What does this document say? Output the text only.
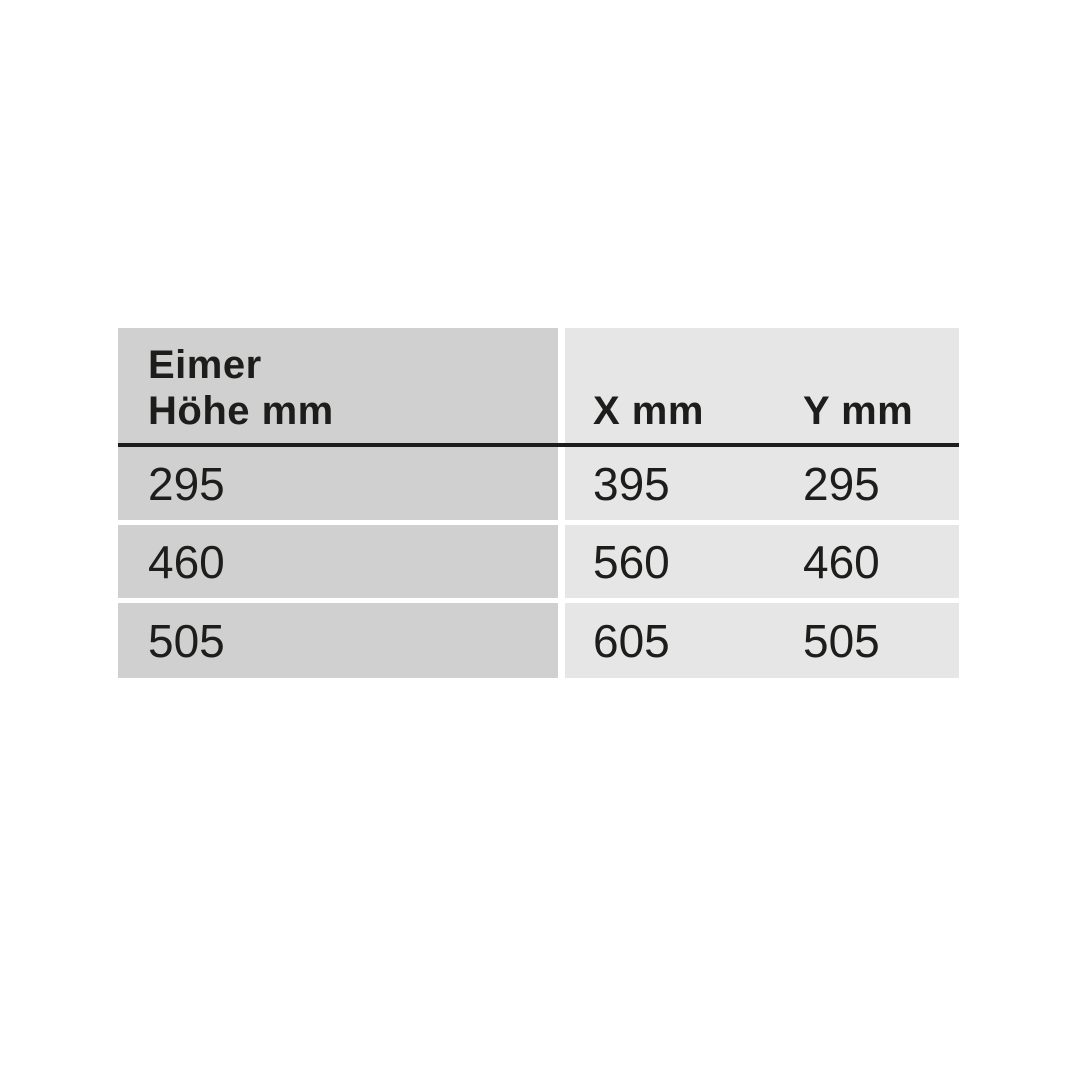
Eimer
Höhe mm	X mm	Y mm
295	395	295
460	560	460
505	605	505
